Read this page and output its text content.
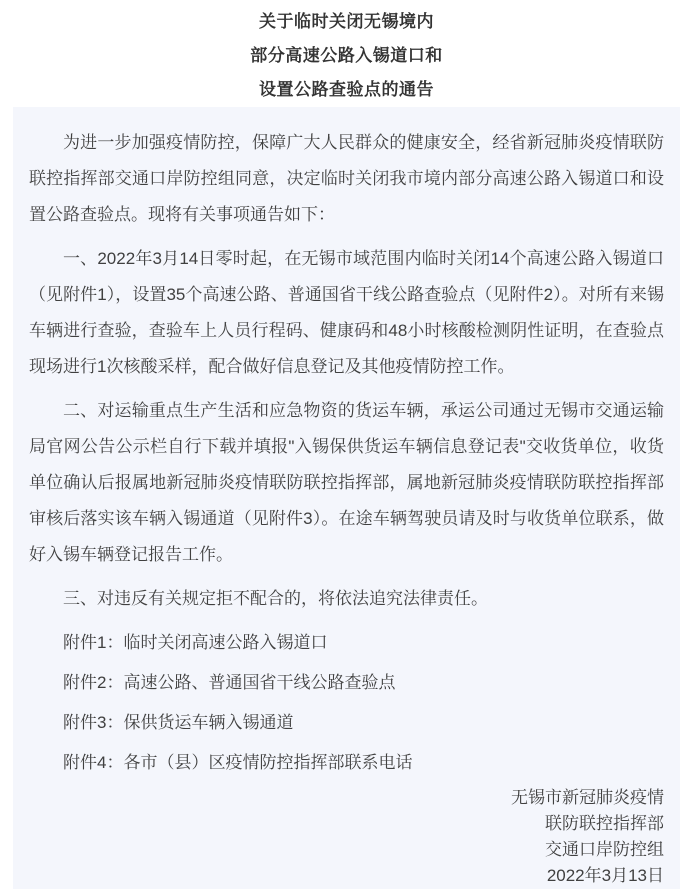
关于临时关闭无锡境内
部分高速公路入锡道口和
设置公路查验点的通告

为进一步加强疫情防控，保障广大人民群众的健康安全，经省新冠肺炎疫情联防联控指挥部交通口岸防控组同意，决定临时关闭我市境内部分高速公路入锡道口和设置公路查验点。现将有关事项通告如下：

一、2022年3月14日零时起，在无锡市域范围内临时关闭14个高速公路入锡道口（见附件1），设置35个高速公路、普通国省干线公路查验点（见附件2）。对所有来锡车辆进行查验，查验车上人员行程码、健康码和48小时核酸检测阴性证明，在查验点现场进行1次核酸采样，配合做好信息登记及其他疫情防控工作。

二、对运输重点生产生活和应急物资的货运车辆，承运公司通过无锡市交通运输局官网公告公示栏自行下载并填报"入锡保供货运车辆信息登记表"交收货单位，收货单位确认后报属地新冠肺炎疫情联防联控指挥部，属地新冠肺炎疫情联防联控指挥部审核后落实该车辆入锡通道（见附件3）。在途车辆驾驶员请及时与收货单位联系，做好入锡车辆登记报告工作。

三、对违反有关规定拒不配合的，将依法追究法律责任。

附件1：临时关闭高速公路入锡道口

附件2：高速公路、普通国省干线公路查验点

附件3：保供货运车辆入锡通道

附件4：各市（县）区疫情防控指挥部联系电话

无锡市新冠肺炎疫情

联防联控指挥部

交通口岸防控组

2022年3月13日
